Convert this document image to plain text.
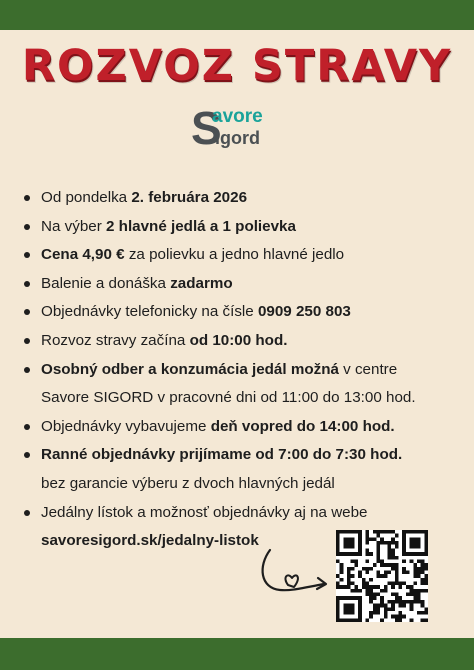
ROZVOZ STRAVY
S
avore
igord
Od pondelka 2. februára 2026
Na výber 2 hlavné jedlá a 1 polievka
Cena 4,90 € za polievku a jedno hlavné jedlo
Balenie a donáška zadarmo
Objednávky telefonicky na čísle 0909 250 803
Rozvoz stravy začína od 10:00 hod.
Osobný odber a konzumácia jedál možná v centre
Savore SIGORD v pracovné dni od 11:00 do 13:00 hod.
Objednávky vybavujeme deň vopred do 14:00 hod.
Ranné objednávky prijímame od 7:00 do 7:30 hod.
bez garancie výberu z dvoch hlavných jedál
Jedálny lístok a možnosť objednávky aj na webe
savoresigord.sk/jedalny-listok
